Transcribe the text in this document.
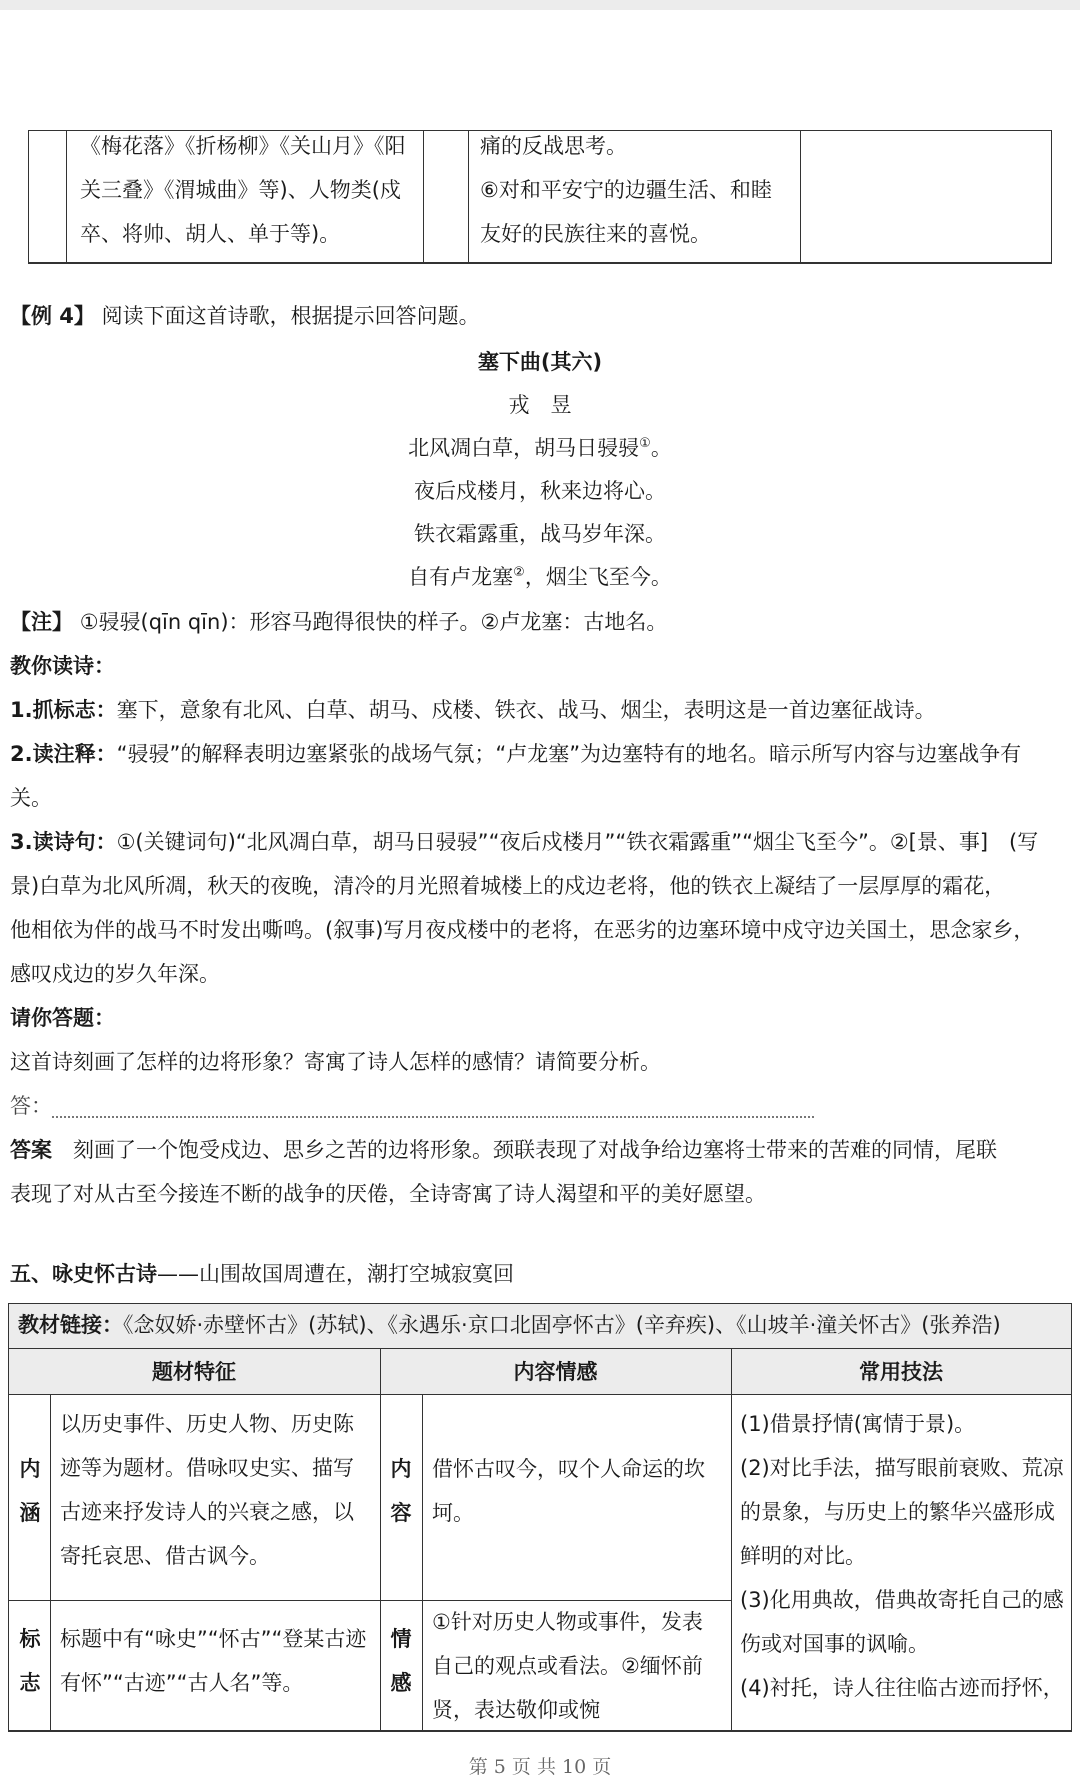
《梅花落》《折杨柳》《关山月》《阳
关三叠》《渭城曲》等)、人物类(戍
卒、将帅、胡人、单于等)。
痛的反战思考。
⑥对和平安宁的边疆生活、和睦
友好的民族往来的喜悦。
【例 4】 阅读下面这首诗歌，根据提示回答问题。
塞下曲(其六)
戎　昱
北风凋白草，胡马日骎骎①。
夜后戍楼月，秋来边将心。
铁衣霜露重，战马岁年深。
自有卢龙塞②，烟尘飞至今。
【注】 ①骎骎(qīn qīn)：形容马跑得很快的样子。②卢龙塞：古地名。
教你读诗：
1.抓标志：塞下，意象有北风、白草、胡马、戍楼、铁衣、战马、烟尘，表明这是一首边塞征战诗。
2.读注释：“骎骎”的解释表明边塞紧张的战场气氛；“卢龙塞”为边塞特有的地名。暗示所写内容与边塞战争有
关。
3.读诗句：①(关键词句)“北风凋白草，胡马日骎骎”“夜后戍楼月”“铁衣霜露重”“烟尘飞至今”。②[景、事]　(写
景)白草为北风所凋，秋天的夜晚，清冷的月光照着城楼上的戍边老将，他的铁衣上凝结了一层厚厚的霜花，
他相依为伴的战马不时发出嘶鸣。(叙事)写月夜戍楼中的老将，在恶劣的边塞环境中戍守边关国土，思念家乡，
感叹戍边的岁久年深。
请你答题：
这首诗刻画了怎样的边将形象？寄寓了诗人怎样的感情？请简要分析。
答：
答案　 刻画了一个饱受戍边、思乡之苦的边将形象。颈联表现了对战争给边塞将士带来的苦难的同情，尾联
表现了对从古至今接连不断的战争的厌倦，全诗寄寓了诗人渴望和平的美好愿望。
五、咏史怀古诗——山围故国周遭在，潮打空城寂寞回
教材链接：《念奴娇·赤壁怀古》(苏轼)、《永遇乐·京口北固亭怀古》(辛弃疾)、《山坡羊·潼关怀古》(张养浩)
题材特征	内容情感	常用技法
内
涵
以历史事件、历史人物、历史陈迹等为题材。借咏叹史实、描写古迹来抒发诗人的兴衰之感，以寄托哀思、借古讽今。
标
志
标题中有“咏史”“怀古”“登某古迹有怀”“古迹”“古人名”等。
内
容
借怀古叹今，叹个人命运的坎坷。
情
感
①针对历史人物或事件，发表自己的观点或看法。②缅怀前贤，表达敬仰或惋
(1)借景抒情(寓情于景)。
(2)对比手法，描写眼前衰败、荒凉的景象，与历史上的繁华兴盛形成鲜明的对比。
(3)化用典故，借典故寄托自己的感伤或对国事的讽喻。
(4)衬托，诗人往往临古迹而抒怀，
第 5 页 共 10 页
